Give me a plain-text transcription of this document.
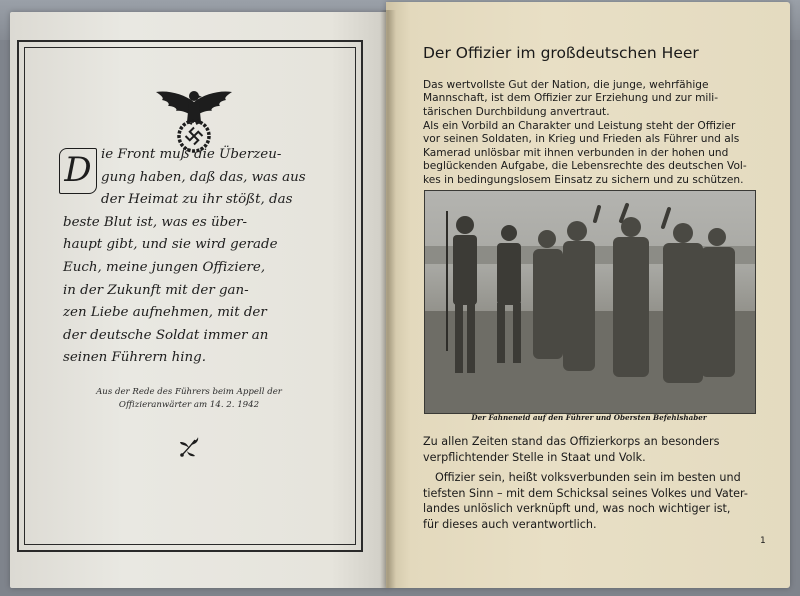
D ie Front muß die Überzeu-
gung haben, daß das, was aus
der Heimat zu ihr stößt, das
beste Blut ist, was es über-
haupt gibt, und sie wird gerade
Euch, meine jungen Offiziere,
in der Zukunft mit der gan-
zen Liebe aufnehmen, mit der
der deutsche Soldat immer an
seinen Führern hing.
Aus der Rede des Führers beim Appell der
Offizieranwärter am 14. 2. 1942
Der Offizier im großdeutschen Heer
Das wertvollste Gut der Nation, die junge, wehrfähige
Mannschaft, ist dem Offizier zur Erziehung und zur mili-
tärischen Durchbildung anvertraut.
Als ein Vorbild an Charakter und Leistung steht der Offizier
vor seinen Soldaten, in Krieg und Frieden als Führer und als
Kamerad unlösbar mit ihnen verbunden in der hohen und
beglückenden Aufgabe, die Lebensrechte des deutschen Vol-
kes in bedingungslosem Einsatz zu sichern und zu schützen.
Der Fahneneid auf den Führer und Obersten Befehlshaber
Zu allen Zeiten stand das Offizierkorps an besonders
verpflichtender Stelle in Staat und Volk.
Offizier sein, heißt volksverbunden sein im besten und
tiefsten Sinn – mit dem Schicksal seines Volkes und Vater-
landes unlöslich verknüpft und, was noch wichtiger ist,
für dieses auch verantwortlich.
1
